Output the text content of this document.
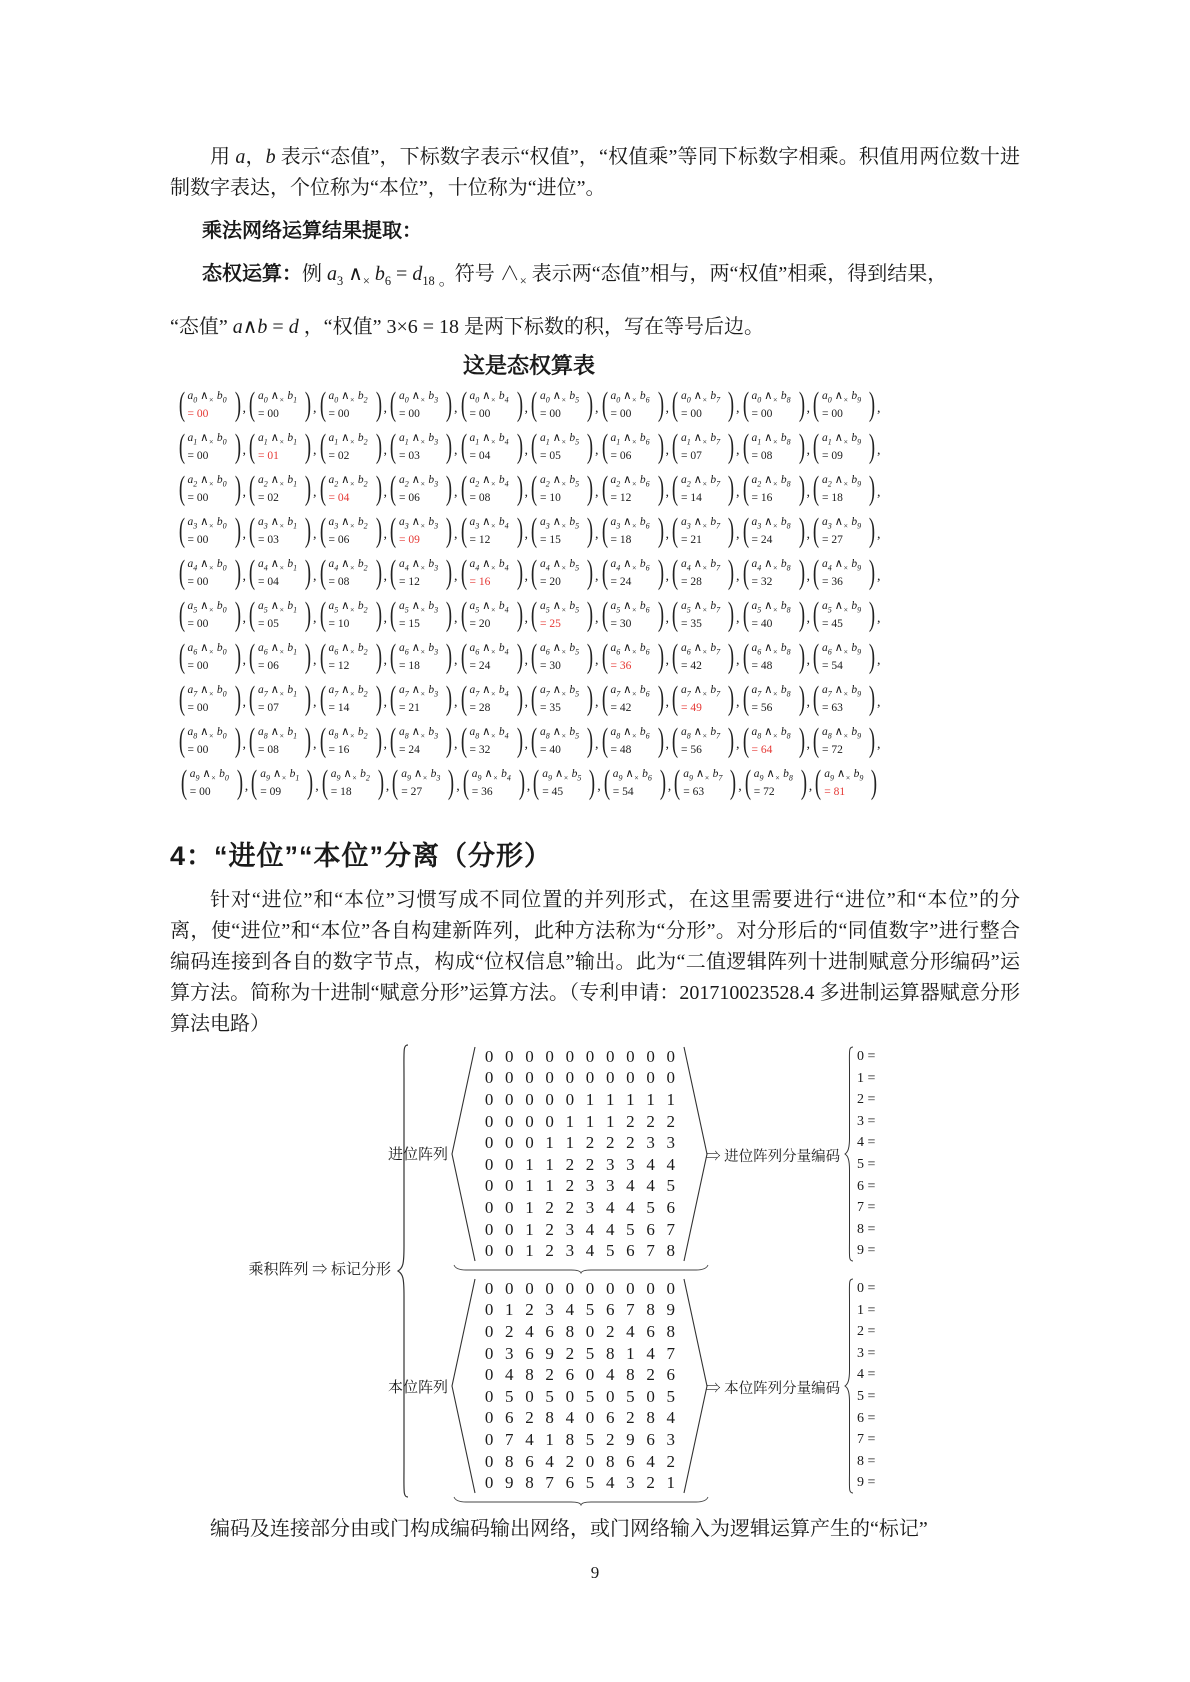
用 a，b 表示“态值”，下标数字表示“权值”，“权值乘”等同下标数字相乘。积值用两位数十进制数字表达，个位称为“本位”，十位称为“进位”。

乘法网络运算结果提取：

态权运算：例 $a_3$ $\wedge_\times$ $b_6 = d_{18}$ $_。$符号 $\wedge_\times$ 表示两“态值”相与，两“权值”相乘，得到结果，

“态值” a∧b = d ，“权值” 3×6 = 18 是两下标数的积，写在等号后边。

这是态权算表
( $a_0$ $\wedge_\times$ $b_0$
= 00 ) , ( $a_0$ $\wedge_\times$ $b_1$
= 00 ) , ( $a_0$ $\wedge_\times$ $b_2$
= 00 ) , ( $a_0$ $\wedge_\times$ $b_3$
= 00 ) , ( $a_0$ $\wedge_\times$ $b_4$
= 00 ) , ( $a_0$ $\wedge_\times$ $b_5$
= 00 ) , ( $a_0$ $\wedge_\times$ $b_6$
= 00 ) , ( $a_0$ $\wedge_\times$ $b_7$
= 00 ) , ( $a_0$ $\wedge_\times$ $b_8$
= 00 ) , ( $a_0$ $\wedge_\times$ $b_9$
= 00 ) ,
( $a_1$ $\wedge_\times$ $b_0$
= 00 ) , ( $a_1$ $\wedge_\times$ $b_1$
= 01 ) , ( $a_1$ $\wedge_\times$ $b_2$
= 02 ) , ( $a_1$ $\wedge_\times$ $b_3$
= 03 ) , ( $a_1$ $\wedge_\times$ $b_4$
= 04 ) , ( $a_1$ $\wedge_\times$ $b_5$
= 05 ) , ( $a_1$ $\wedge_\times$ $b_6$
= 06 ) , ( $a_1$ $\wedge_\times$ $b_7$
= 07 ) , ( $a_1$ $\wedge_\times$ $b_8$
= 08 ) , ( $a_1$ $\wedge_\times$ $b_9$
= 09 ) ,
( $a_2$ $\wedge_\times$ $b_0$
= 00 ) , ( $a_2$ $\wedge_\times$ $b_1$
= 02 ) , ( $a_2$ $\wedge_\times$ $b_2$
= 04 ) , ( $a_2$ $\wedge_\times$ $b_3$
= 06 ) , ( $a_2$ $\wedge_\times$ $b_4$
= 08 ) , ( $a_2$ $\wedge_\times$ $b_5$
= 10 ) , ( $a_2$ $\wedge_\times$ $b_6$
= 12 ) , ( $a_2$ $\wedge_\times$ $b_7$
= 14 ) , ( $a_2$ $\wedge_\times$ $b_8$
= 16 ) , ( $a_2$ $\wedge_\times$ $b_9$
= 18 ) ,
( $a_3$ $\wedge_\times$ $b_0$
= 00 ) , ( $a_3$ $\wedge_\times$ $b_1$
= 03 ) , ( $a_3$ $\wedge_\times$ $b_2$
= 06 ) , ( $a_3$ $\wedge_\times$ $b_3$
= 09 ) , ( $a_3$ $\wedge_\times$ $b_4$
= 12 ) , ( $a_3$ $\wedge_\times$ $b_5$
= 15 ) , ( $a_3$ $\wedge_\times$ $b_6$
= 18 ) , ( $a_3$ $\wedge_\times$ $b_7$
= 21 ) , ( $a_3$ $\wedge_\times$ $b_8$
= 24 ) , ( $a_3$ $\wedge_\times$ $b_9$
= 27 ) ,
( $a_4$ $\wedge_\times$ $b_0$
= 00 ) , ( $a_4$ $\wedge_\times$ $b_1$
= 04 ) , ( $a_4$ $\wedge_\times$ $b_2$
= 08 ) , ( $a_4$ $\wedge_\times$ $b_3$
= 12 ) , ( $a_4$ $\wedge_\times$ $b_4$
= 16 ) , ( $a_4$ $\wedge_\times$ $b_5$
= 20 ) , ( $a_4$ $\wedge_\times$ $b_6$
= 24 ) , ( $a_4$ $\wedge_\times$ $b_7$
= 28 ) , ( $a_4$ $\wedge_\times$ $b_8$
= 32 ) , ( $a_4$ $\wedge_\times$ $b_9$
= 36 ) ,
( $a_5$ $\wedge_\times$ $b_0$
= 00 ) , ( $a_5$ $\wedge_\times$ $b_1$
= 05 ) , ( $a_5$ $\wedge_\times$ $b_2$
= 10 ) , ( $a_5$ $\wedge_\times$ $b_3$
= 15 ) , ( $a_5$ $\wedge_\times$ $b_4$
= 20 ) , ( $a_5$ $\wedge_\times$ $b_5$
= 25 ) , ( $a_5$ $\wedge_\times$ $b_6$
= 30 ) , ( $a_5$ $\wedge_\times$ $b_7$
= 35 ) , ( $a_5$ $\wedge_\times$ $b_8$
= 40 ) , ( $a_5$ $\wedge_\times$ $b_9$
= 45 ) ,
( $a_6$ $\wedge_\times$ $b_0$
= 00 ) , ( $a_6$ $\wedge_\times$ $b_1$
= 06 ) , ( $a_6$ $\wedge_\times$ $b_2$
= 12 ) , ( $a_6$ $\wedge_\times$ $b_3$
= 18 ) , ( $a_6$ $\wedge_\times$ $b_4$
= 24 ) , ( $a_6$ $\wedge_\times$ $b_5$
= 30 ) , ( $a_6$ $\wedge_\times$ $b_6$
= 36 ) , ( $a_6$ $\wedge_\times$ $b_7$
= 42 ) , ( $a_6$ $\wedge_\times$ $b_8$
= 48 ) , ( $a_6$ $\wedge_\times$ $b_9$
= 54 ) ,
( $a_7$ $\wedge_\times$ $b_0$
= 00 ) , ( $a_7$ $\wedge_\times$ $b_1$
= 07 ) , ( $a_7$ $\wedge_\times$ $b_2$
= 14 ) , ( $a_7$ $\wedge_\times$ $b_3$
= 21 ) , ( $a_7$ $\wedge_\times$ $b_4$
= 28 ) , ( $a_7$ $\wedge_\times$ $b_5$
= 35 ) , ( $a_7$ $\wedge_\times$ $b_6$
= 42 ) , ( $a_7$ $\wedge_\times$ $b_7$
= 49 ) , ( $a_7$ $\wedge_\times$ $b_8$
= 56 ) , ( $a_7$ $\wedge_\times$ $b_9$
= 63 ) ,
( $a_8$ $\wedge_\times$ $b_0$
= 00 ) , ( $a_8$ $\wedge_\times$ $b_1$
= 08 ) , ( $a_8$ $\wedge_\times$ $b_2$
= 16 ) , ( $a_8$ $\wedge_\times$ $b_3$
= 24 ) , ( $a_8$ $\wedge_\times$ $b_4$
= 32 ) , ( $a_8$ $\wedge_\times$ $b_5$
= 40 ) , ( $a_8$ $\wedge_\times$ $b_6$
= 48 ) , ( $a_8$ $\wedge_\times$ $b_7$
= 56 ) , ( $a_8$ $\wedge_\times$ $b_8$
= 64 ) , ( $a_8$ $\wedge_\times$ $b_9$
= 72 ) ,
( $a_9$ $\wedge_\times$ $b_0$
= 00 ) , ( $a_9$ $\wedge_\times$ $b_1$
= 09 ) , ( $a_9$ $\wedge_\times$ $b_2$
= 18 ) , ( $a_9$ $\wedge_\times$ $b_3$
= 27 ) , ( $a_9$ $\wedge_\times$ $b_4$
= 36 ) , ( $a_9$ $\wedge_\times$ $b_5$
= 45 ) , ( $a_9$ $\wedge_\times$ $b_6$
= 54 ) , ( $a_9$ $\wedge_\times$ $b_7$
= 63 ) , ( $a_9$ $\wedge_\times$ $b_8$
= 72 ) , ( $a_9$ $\wedge_\times$ $b_9$
= 81 )
4：“进位”“本位”分离（分形）

针对“进位”和“本位”习惯写成不同位置的并列形式，在这里需要进行“进位”和“本位”的分离，使“进位”和“本位”各自构建新阵列，此种方法称为“分形”。对分形后的“同值数字”进行整合编码连接到各自的数字节点，构成“位权信息”输出。此为“二值逻辑阵列十进制赋意分形编码”运算方法。简称为十进制“赋意分形”运算方法。（专利申请：201710023528.4 多进制运算器赋意分形算法电路）

乘积阵列 ⇒ 标记分形
进位阵列
0 0 0 0 0 0 0 0 0 0
0 0 0 0 0 0 0 0 0 0
0 0 0 0 0 1 1 1 1 1
0 0 0 0 1 1 1 2 2 2
0 0 0 1 1 2 2 2 3 3
0 0 1 1 2 2 3 3 4 4
0 0 1 1 2 3 3 4 4 5
0 0 1 2 2 3 4 4 5 6
0 0 1 2 3 4 4 5 6 7
0 0 1 2 3 4 5 6 7 8
⇒ 进位阵列分量编码
0 =
1 =
2 =
3 =
4 =
5 =
6 =
7 =
8 =
9 =
本位阵列
0 0 0 0 0 0 0 0 0 0
0 1 2 3 4 5 6 7 8 9
0 2 4 6 8 0 2 4 6 8
0 3 6 9 2 5 8 1 4 7
0 4 8 2 6 0 4 8 2 6
0 5 0 5 0 5 0 5 0 5
0 6 2 8 4 0 6 2 8 4
0 7 4 1 8 5 2 9 6 3
0 8 6 4 2 0 8 6 4 2
0 9 8 7 6 5 4 3 2 1
⇒ 本位阵列分量编码
0 =
1 =
2 =
3 =
4 =
5 =
6 =
7 =
8 =
9 =

编码及连接部分由或门构成编码输出网络，或门网络输入为逻辑运算产生的“标记”

9
